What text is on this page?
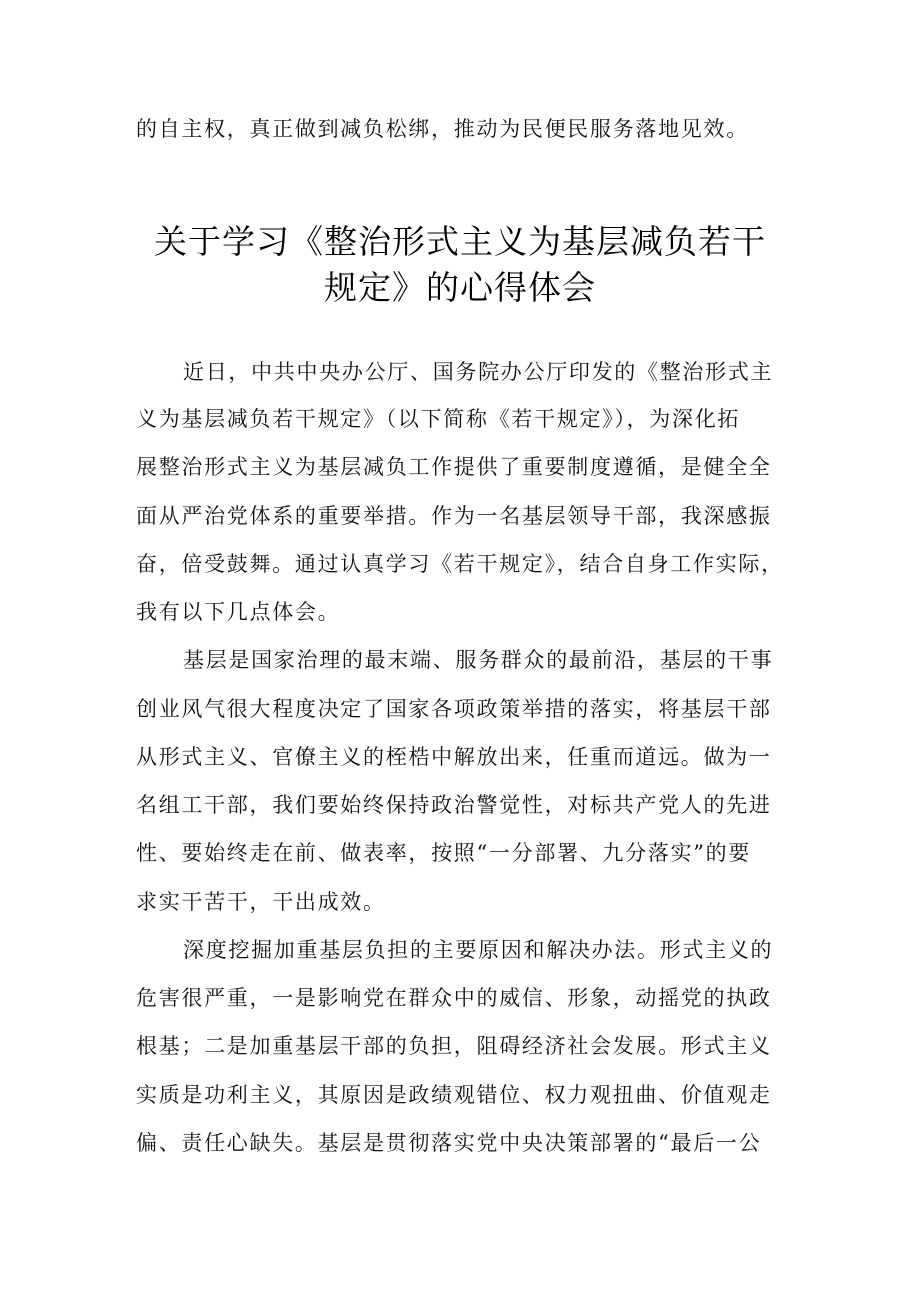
的自主权，真正做到减负松绑，推动为民便民服务落地见效。
关于学习《整治形式主义为基层减负若干
规定》的心得体会
近日，中共中央办公厅、国务院办公厅印发的《整治形式主
义为基层减负若干规定》（以下简称《若干规定》），为深化拓
展整治形式主义为基层减负工作提供了重要制度遵循，是健全全
面从严治党体系的重要举措。作为一名基层领导干部，我深感振
奋，倍受鼓舞。通过认真学习《若干规定》，结合自身工作实际，
我有以下几点体会。
基层是国家治理的最末端、服务群众的最前沿，基层的干事
创业风气很大程度决定了国家各项政策举措的落实，将基层干部
从形式主义、官僚主义的桎梏中解放出来，任重而道远。做为一
名组工干部，我们要始终保持政治警觉性，对标共产党人的先进
性、要始终走在前、做表率，按照“一分部署、九分落实”的要
求实干苦干，干出成效。
深度挖掘加重基层负担的主要原因和解决办法。形式主义的
危害很严重，一是影响党在群众中的威信、形象，动摇党的执政
根基；二是加重基层干部的负担，阻碍经济社会发展。形式主义
实质是功利主义，其原因是政绩观错位、权力观扭曲、价值观走
偏、责任心缺失。基层是贯彻落实党中央决策部署的“最后一公
